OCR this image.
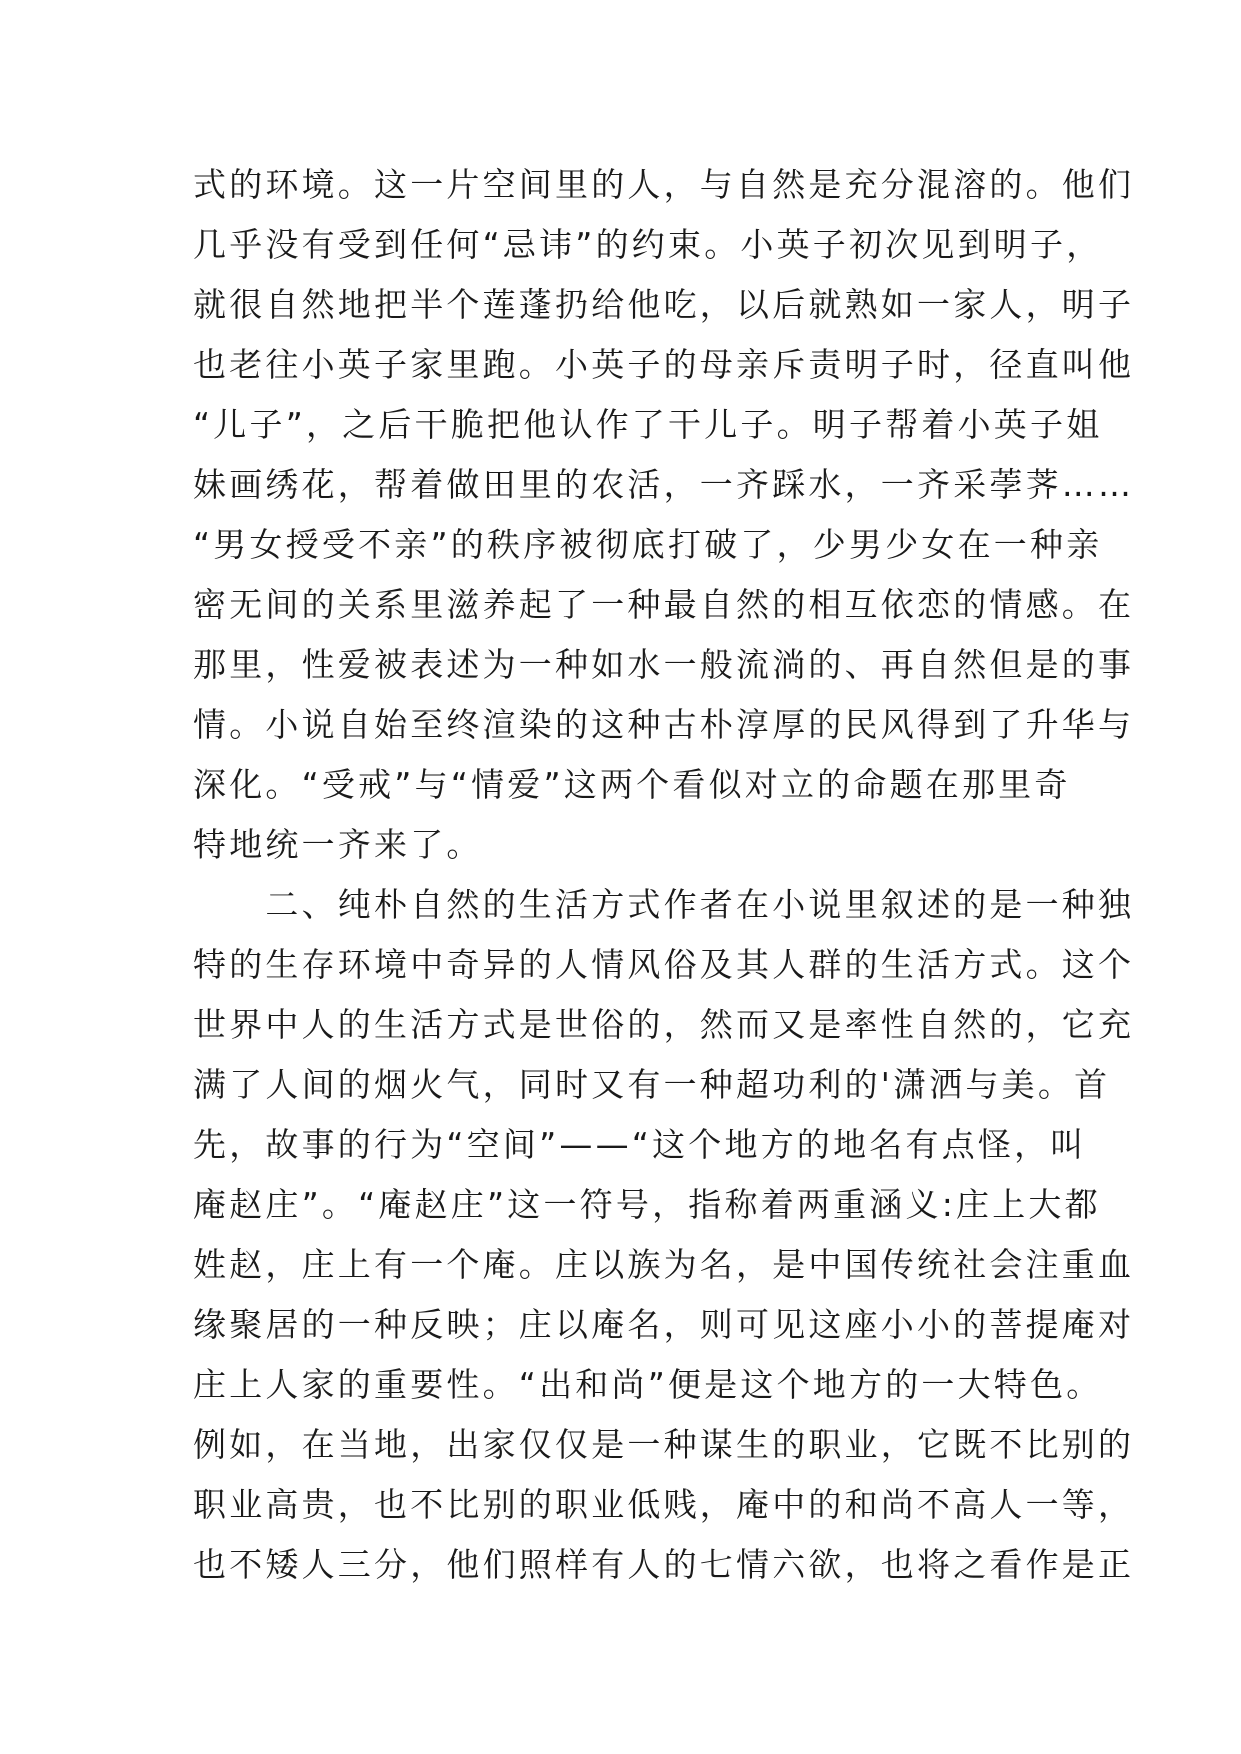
式的环境。这一片空间里的人，与自然是充分混溶的。他们
几乎没有受到任何“忌讳”的约束。小英子初次见到明子，
就很自然地把半个莲蓬扔给他吃，以后就熟如一家人，明子
也老往小英子家里跑。小英子的母亲斥责明子时，径直叫他
“儿子”，之后干脆把他认作了干儿子。明子帮着小英子姐
妹画绣花，帮着做田里的农活，一齐踩水，一齐采荸荠……
“男女授受不亲”的秩序被彻底打破了，少男少女在一种亲
密无间的关系里滋养起了一种最自然的相互依恋的情感。在
那里，性爱被表述为一种如水一般流淌的、再自然但是的事
情。小说自始至终渲染的这种古朴淳厚的民风得到了升华与
深化。“受戒”与“情爱”这两个看似对立的命题在那里奇
特地统一齐来了。
　　二、纯朴自然的生活方式作者在小说里叙述的是一种独
特的生存环境中奇异的人情风俗及其人群的生活方式。这个
世界中人的生活方式是世俗的，然而又是率性自然的，它充
满了人间的烟火气，同时又有一种超功利的'潇洒与美。首
先，故事的行为“空间”——“这个地方的地名有点怪，叫
庵赵庄”。“庵赵庄”这一符号，指称着两重涵义:庄上大都
姓赵，庄上有一个庵。庄以族为名，是中国传统社会注重血
缘聚居的一种反映；庄以庵名，则可见这座小小的菩提庵对
庄上人家的重要性。“出和尚”便是这个地方的一大特色。
例如，在当地，出家仅仅是一种谋生的职业，它既不比别的
职业高贵，也不比别的职业低贱，庵中的和尚不高人一等，
也不矮人三分，他们照样有人的七情六欲，也将之看作是正
